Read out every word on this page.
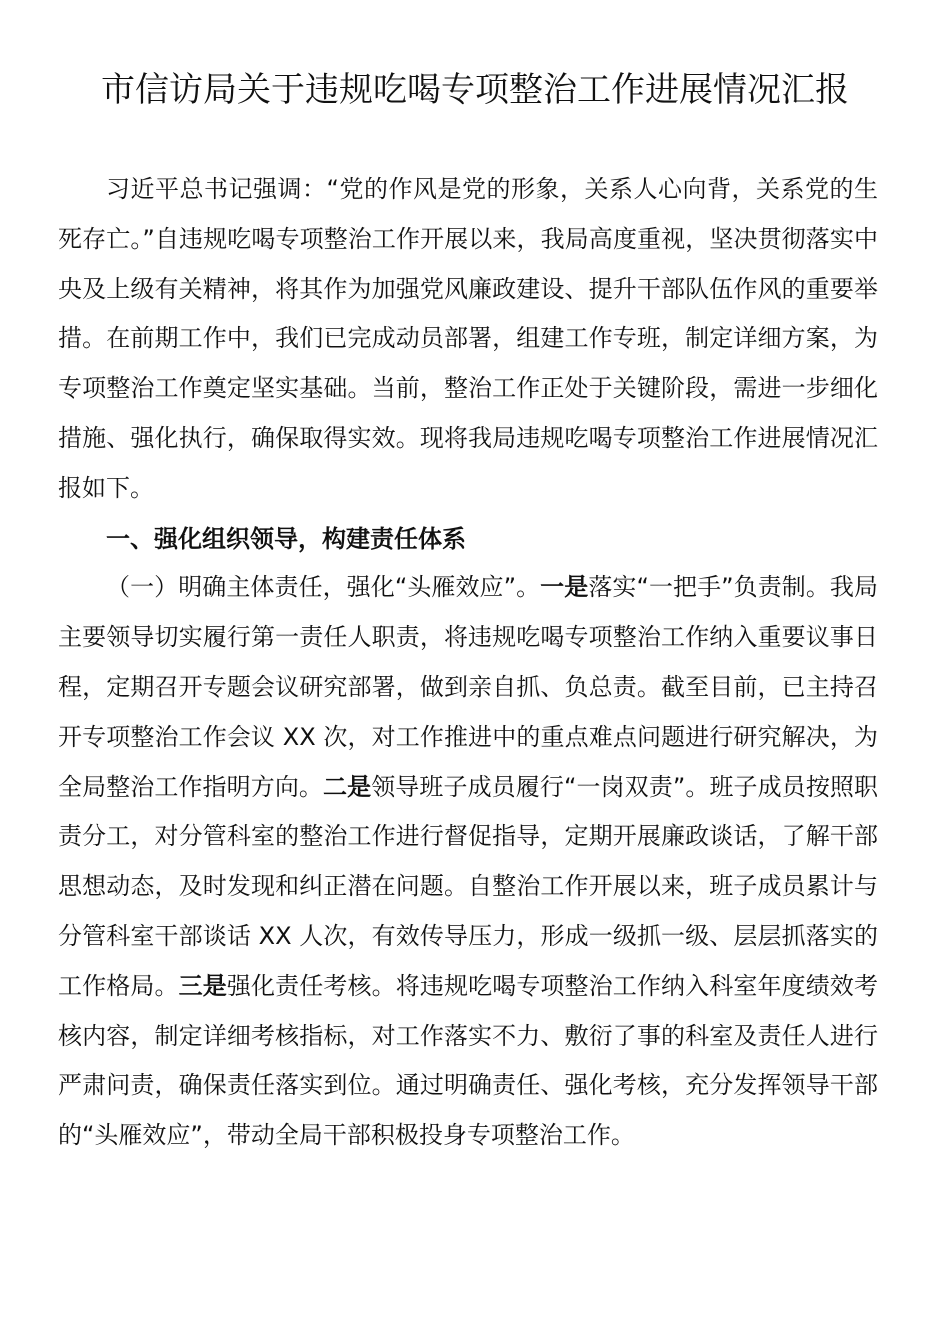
市信访局关于违规吃喝专项整治工作进展情况汇报

习近平总书记强调：“党的作风是党的形象，关系人心向背，关系党的生死存亡。”自违规吃喝专项整治工作开展以来，我局高度重视，坚决贯彻落实中央及上级有关精神，将其作为加强党风廉政建设、提升干部队伍作风的重要举措。在前期工作中，我们已完成动员部署，组建工作专班，制定详细方案，为专项整治工作奠定坚实基础。当前，整治工作正处于关键阶段，需进一步细化措施、强化执行，确保取得实效。现将我局违规吃喝专项整治工作进展情况汇报如下。

一、强化组织领导，构建责任体系

（一）明确主体责任，强化“头雁效应”。一是落实“一把手”负责制。我局主要领导切实履行第一责任人职责，将违规吃喝专项整治工作纳入重要议事日程，定期召开专题会议研究部署，做到亲自抓、负总责。截至目前，已主持召开专项整治工作会议 XX 次，对工作推进中的重点难点问题进行研究解决，为全局整治工作指明方向。二是领导班子成员履行“一岗双责”。班子成员按照职责分工，对分管科室的整治工作进行督促指导，定期开展廉政谈话，了解干部思想动态，及时发现和纠正潜在问题。自整治工作开展以来，班子成员累计与分管科室干部谈话 XX 人次，有效传导压力，形成一级抓一级、层层抓落实的工作格局。三是强化责任考核。将违规吃喝专项整治工作纳入科室年度绩效考核内容，制定详细考核指标，对工作落实不力、敷衍了事的科室及责任人进行严肃问责，确保责任落实到位。通过明确责任、强化考核，充分发挥领导干部的“头雁效应”，带动全局干部积极投身专项整治工作。
